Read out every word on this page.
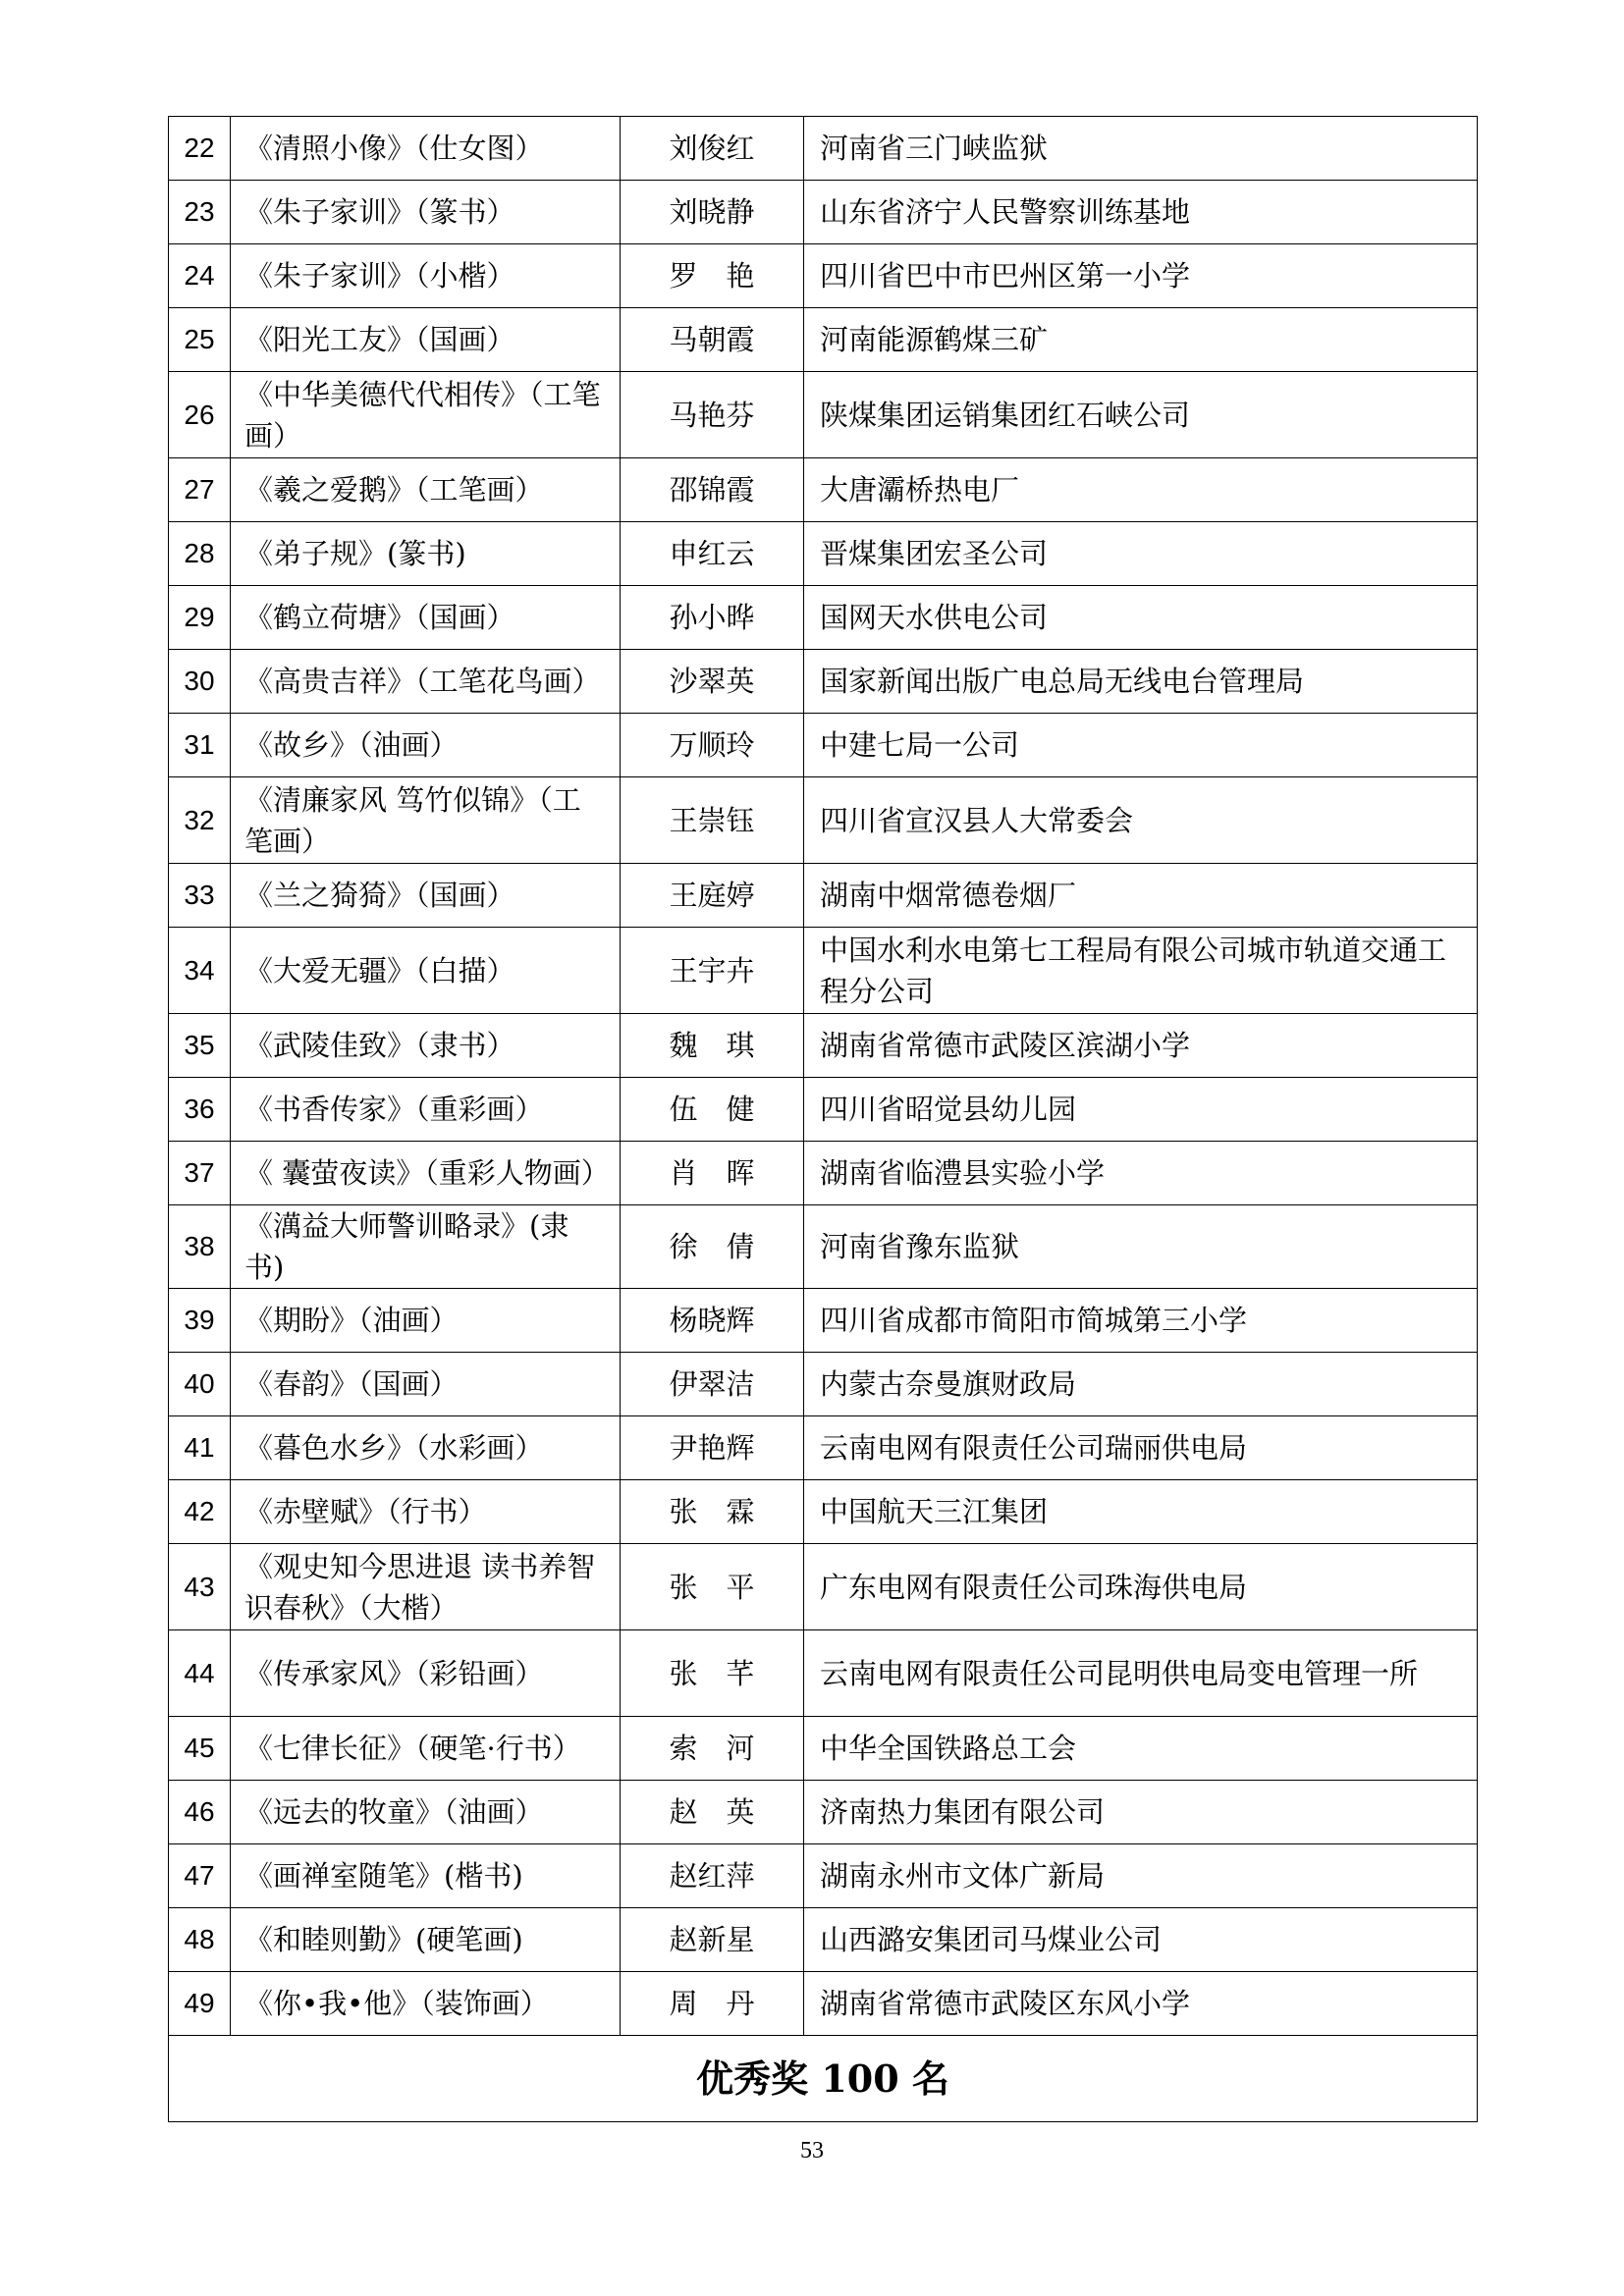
22	《清照小像》（仕女图）	刘俊红	河南省三门峡监狱
23	《朱子家训》（篆书）	刘晓静	山东省济宁人民警察训练基地
24	《朱子家训》（小楷）	罗　艳	四川省巴中市巴州区第一小学
25	《阳光工友》（国画）	马朝霞	河南能源鹤煤三矿
26	《中华美德代代相传》（工笔画）	马艳芬	陕煤集团运销集团红石峡公司
27	《羲之爱鹅》（工笔画）	邵锦霞	大唐灞桥热电厂
28	《弟子规》(篆书)	申红云	晋煤集团宏圣公司
29	《鹤立荷塘》（国画）	孙小晔	国网天水供电公司
30	《高贵吉祥》（工笔花鸟画）	沙翠英	国家新闻出版广电总局无线电台管理局
31	《故乡》（油画）	万顺玲	中建七局一公司
32	《清廉家风 笃竹似锦》（工笔画）	王崇钰	四川省宣汉县人大常委会
33	《兰之猗猗》（国画）	王庭婷	湖南中烟常德卷烟厂
34	《大爱无疆》（白描）	王宇卉	中国水利水电第七工程局有限公司城市轨道交通工程分公司
35	《武陵佳致》（隶书）	魏　琪	湖南省常德市武陵区滨湖小学
36	《书香传家》（重彩画）	伍　健	四川省昭觉县幼儿园
37	《 囊萤夜读》（重彩人物画）	肖　晖	湖南省临澧县实验小学
38	《澫益大师警训略录》(隶书)	徐　倩	河南省豫东监狱
39	《期盼》（油画）	杨晓辉	四川省成都市简阳市简城第三小学
40	《春韵》（国画）	伊翠洁	内蒙古奈曼旗财政局
41	《暮色水乡》（水彩画）	尹艳辉	云南电网有限责任公司瑞丽供电局
42	《赤壁赋》（行书）	张　霖	中国航天三江集团
43	《观史知今思进退 读书养智识春秋》（大楷）	张　平	广东电网有限责任公司珠海供电局
44	《传承家风》（彩铅画）	张　芊	云南电网有限责任公司昆明供电局变电管理一所
45	《七律长征》（硬笔·行书）	索　河	中华全国铁路总工会
46	《远去的牧童》（油画）	赵　英	济南热力集团有限公司
47	《画禅室随笔》(楷书)	赵红萍	湖南永州市文体广新局
48	《和睦则勤》(硬笔画)	赵新星	山西潞安集团司马煤业公司
49	《你•我•他》（装饰画）	周　丹	湖南省常德市武陵区东风小学
优秀奖 100 名			
53
